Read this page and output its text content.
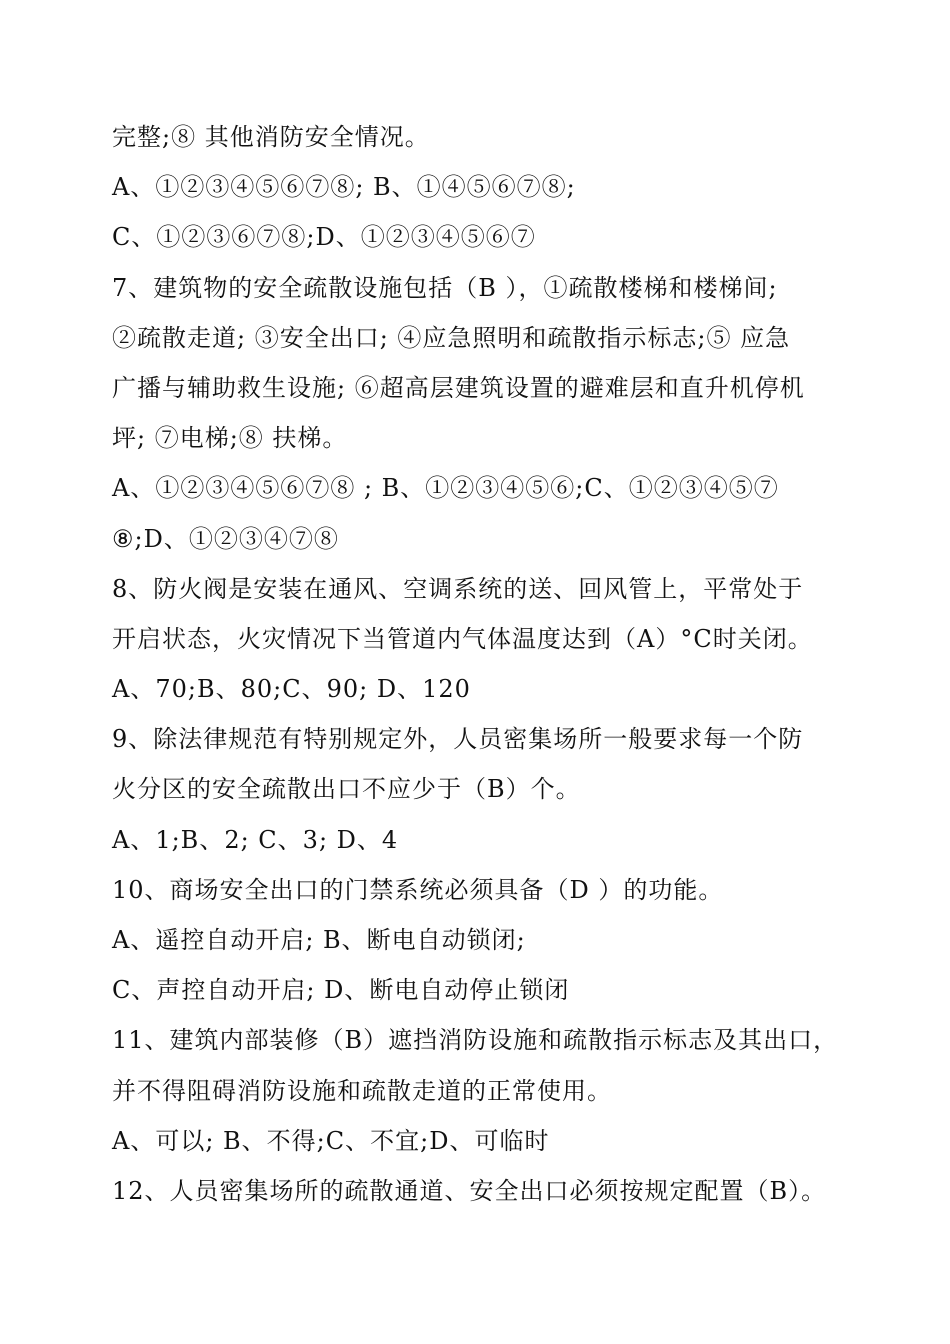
完整;⑧ 其他消防安全情况。
A、①②③④⑤⑥⑦⑧; B、①④⑤⑥⑦⑧;
C、①②③⑥⑦⑧;D、①②③④⑤⑥⑦
7、建筑物的安全疏散设施包括（B ），①疏散楼梯和楼梯间;
②疏散走道; ③安全出口; ④应急照明和疏散指示标志;⑤ 应急
广播与辅助救生设施; ⑥超高层建筑设置的避难层和直升机停机
坪; ⑦电梯;⑧ 扶梯。
A、①②③④⑤⑥⑦⑧ ; B、①②③④⑤⑥;C、①②③④⑤⑦
⑧;D、①②③④⑦⑧
8、防火阀是安装在通风、空调系统的送、回风管上，平常处于
开启状态，火灾情况下当管道内气体温度达到（A）°C时关闭。
A、70;B、80;C、90; D、120
9、除法律规范有特别规定外，人员密集场所一般要求每一个防
火分区的安全疏散出口不应少于（B）个。
A、1;B、2; C、3; D、4
10、商场安全出口的门禁系统必须具备（D ）的功能。
A、遥控自动开启; B、断电自动锁闭;
C、声控自动开启; D、断电自动停止锁闭
11、建筑内部装修（B）遮挡消防设施和疏散指示标志及其出口，
并不得阻碍消防设施和疏散走道的正常使用。
A、可以; B、不得;C、不宜;D、可临时
12、人员密集场所的疏散通道、安全出口必须按规定配置（B）。
